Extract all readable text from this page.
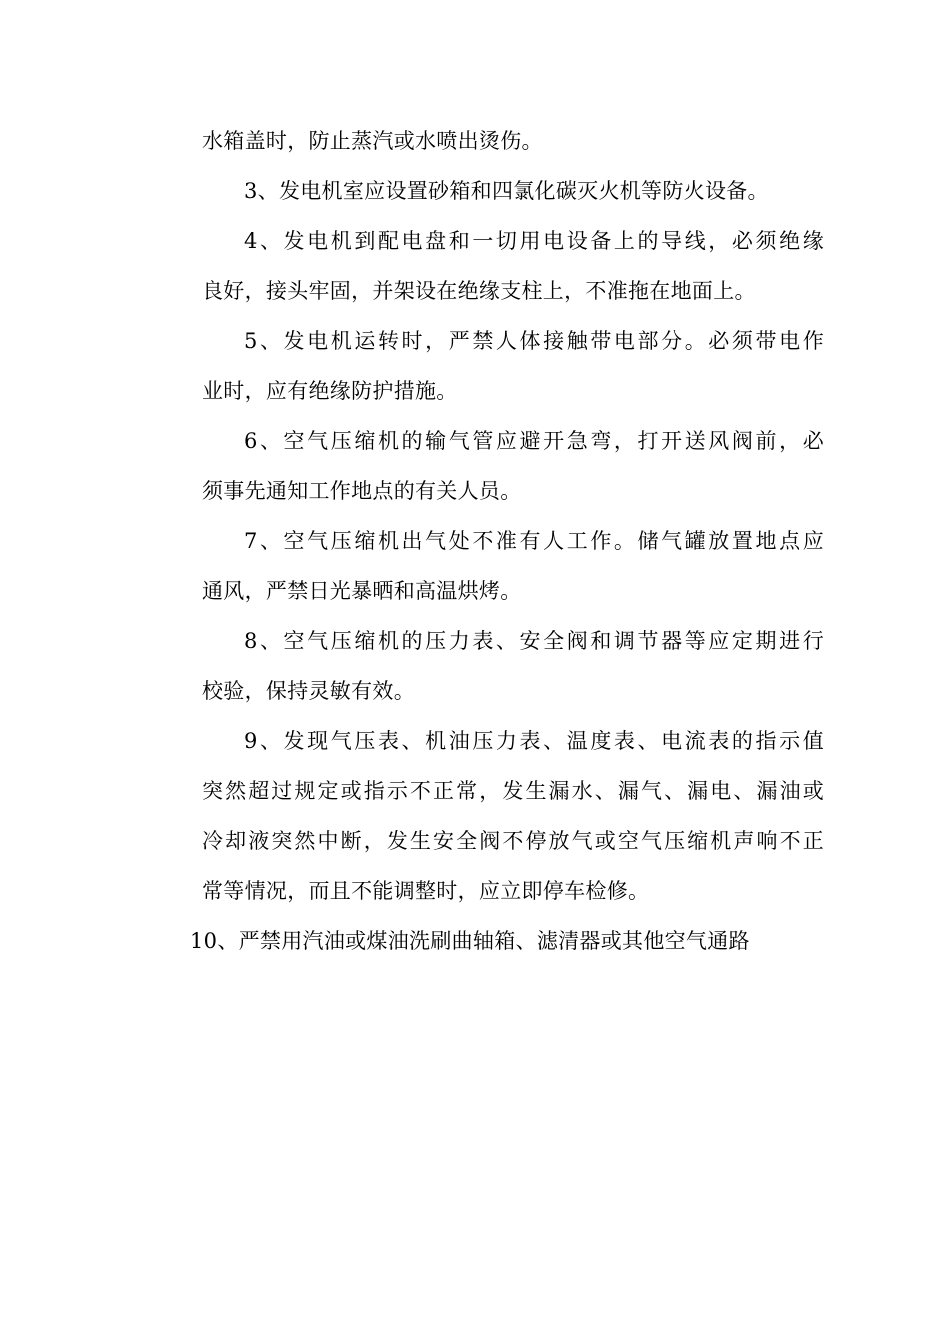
水箱盖时，防止蒸汽或水喷出烫伤。
3、发电机室应设置砂箱和四氯化碳灭火机等防火设备。
4、发电机到配电盘和一切用电设备上的导线，必须绝缘
良好，接头牢固，并架设在绝缘支柱上，不准拖在地面上。
5、发电机运转时，严禁人体接触带电部分。必须带电作
业时，应有绝缘防护措施。
6、空气压缩机的输气管应避开急弯，打开送风阀前，必
须事先通知工作地点的有关人员。
7、空气压缩机出气处不准有人工作。储气罐放置地点应
通风，严禁日光暴晒和高温烘烤。
8、空气压缩机的压力表、安全阀和调节器等应定期进行
校验，保持灵敏有效。
9、发现气压表、机油压力表、温度表、电流表的指示值
突然超过规定或指示不正常，发生漏水、漏气、漏电、漏油或
冷却液突然中断，发生安全阀不停放气或空气压缩机声响不正
常等情况，而且不能调整时，应立即停车检修。
10、严禁用汽油或煤油洗刷曲轴箱、滤清器或其他空气通路
